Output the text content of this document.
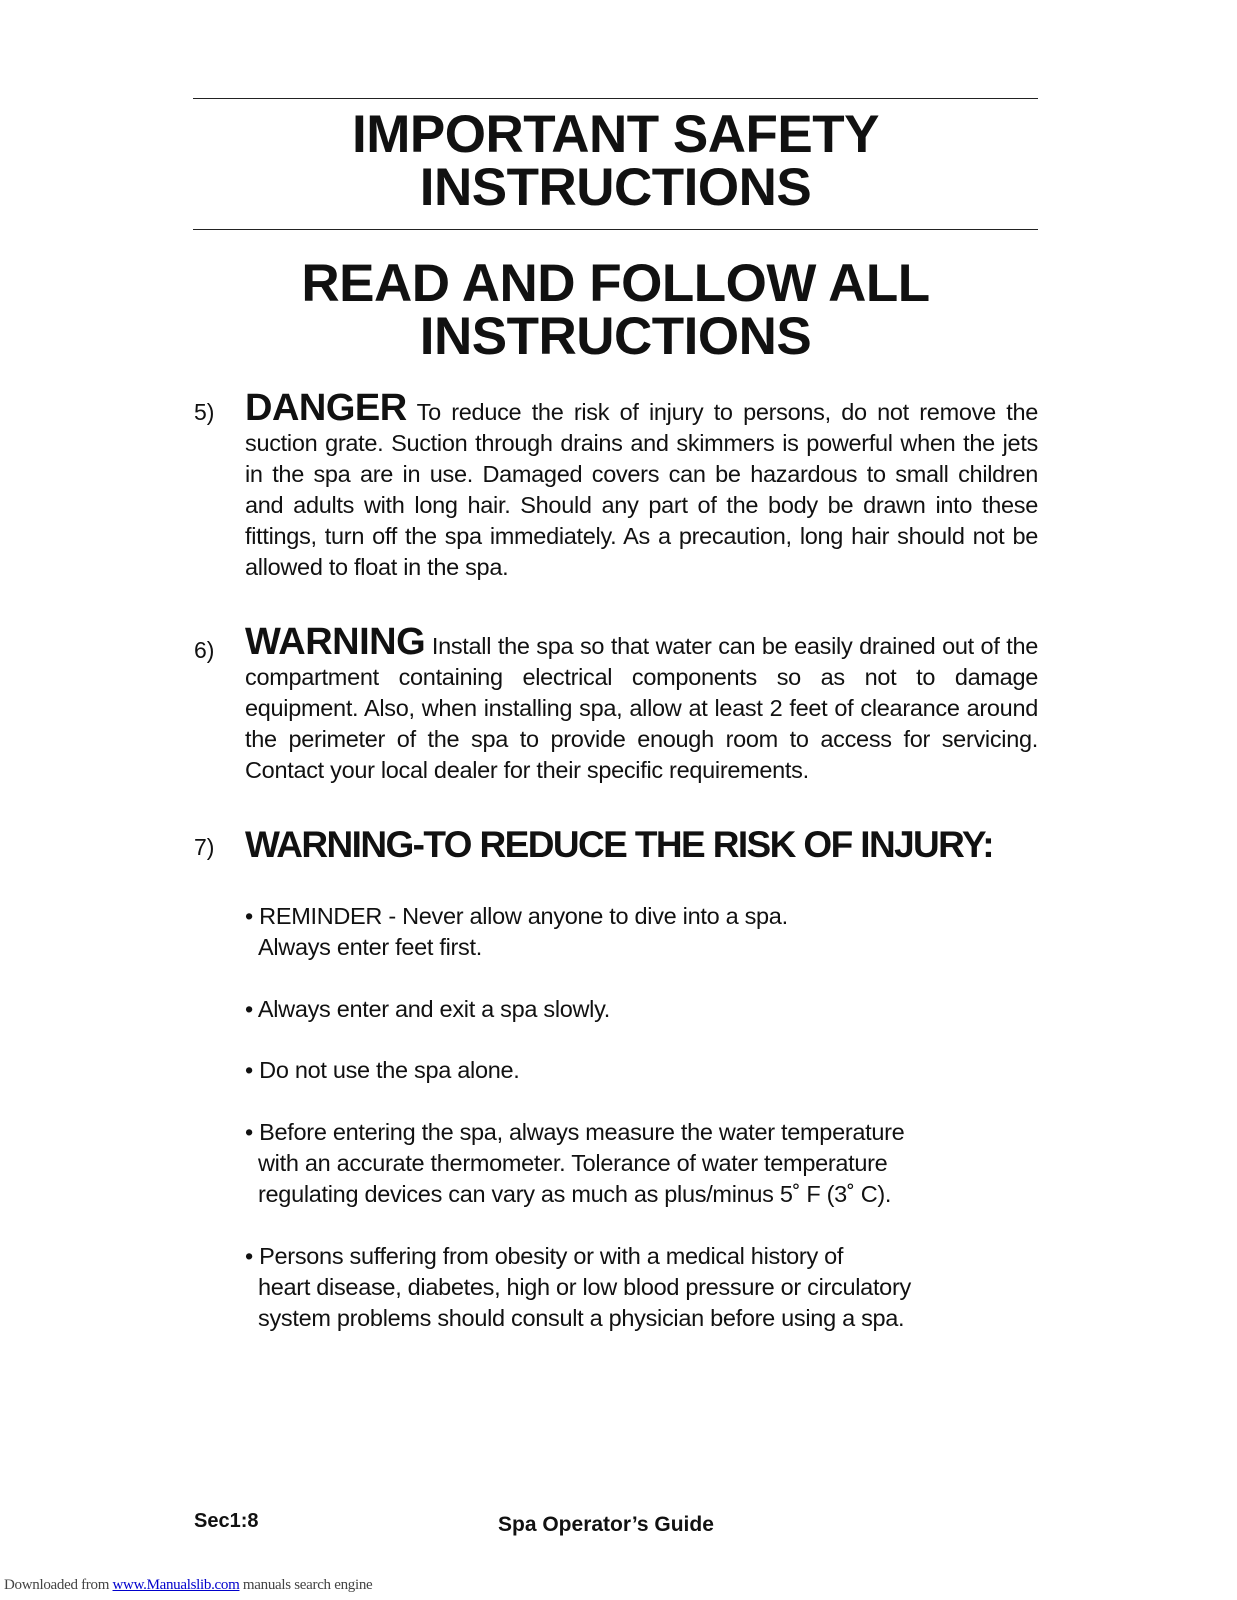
IMPORTANT SAFETY
INSTRUCTIONS
READ AND FOLLOW ALL
INSTRUCTIONS
5) DANGER To reduce the risk of injury to persons, do not remove the suction grate. Suction through drains and skimmers is powerful when the jets in the spa are in use. Damaged covers can be hazardous to small children and adults with long hair. Should any part of the body be drawn into these fittings, turn off the spa immediately. As a precaution, long hair should not be allowed to float in the spa.
6) WARNING Install the spa so that water can be easily drained out of the compartment containing electrical components so as not to damage equipment. Also, when installing spa, allow at least 2 feet of clearance around the perimeter of the spa to provide enough room to access for servicing. Contact your local dealer for their specific requirements.
7) WARNING-TO REDUCE THE RISK OF INJURY:
• REMINDER - Never allow anyone to dive into a spa.
Always enter feet first.
• Always enter and exit a spa slowly.
• Do not use the spa alone.
• Before entering the spa, always measure the water temperature
with an accurate thermometer. Tolerance of water temperature
regulating devices can vary as much as plus/minus 5˚ F (3˚ C).
• Persons suffering from obesity or with a medical history of
heart disease, diabetes, high or low blood pressure or circulatory
system problems should consult a physician before using a spa.
Sec1:8	Spa Operator’s Guide
Downloaded from www.Manualslib.com manuals search engine
